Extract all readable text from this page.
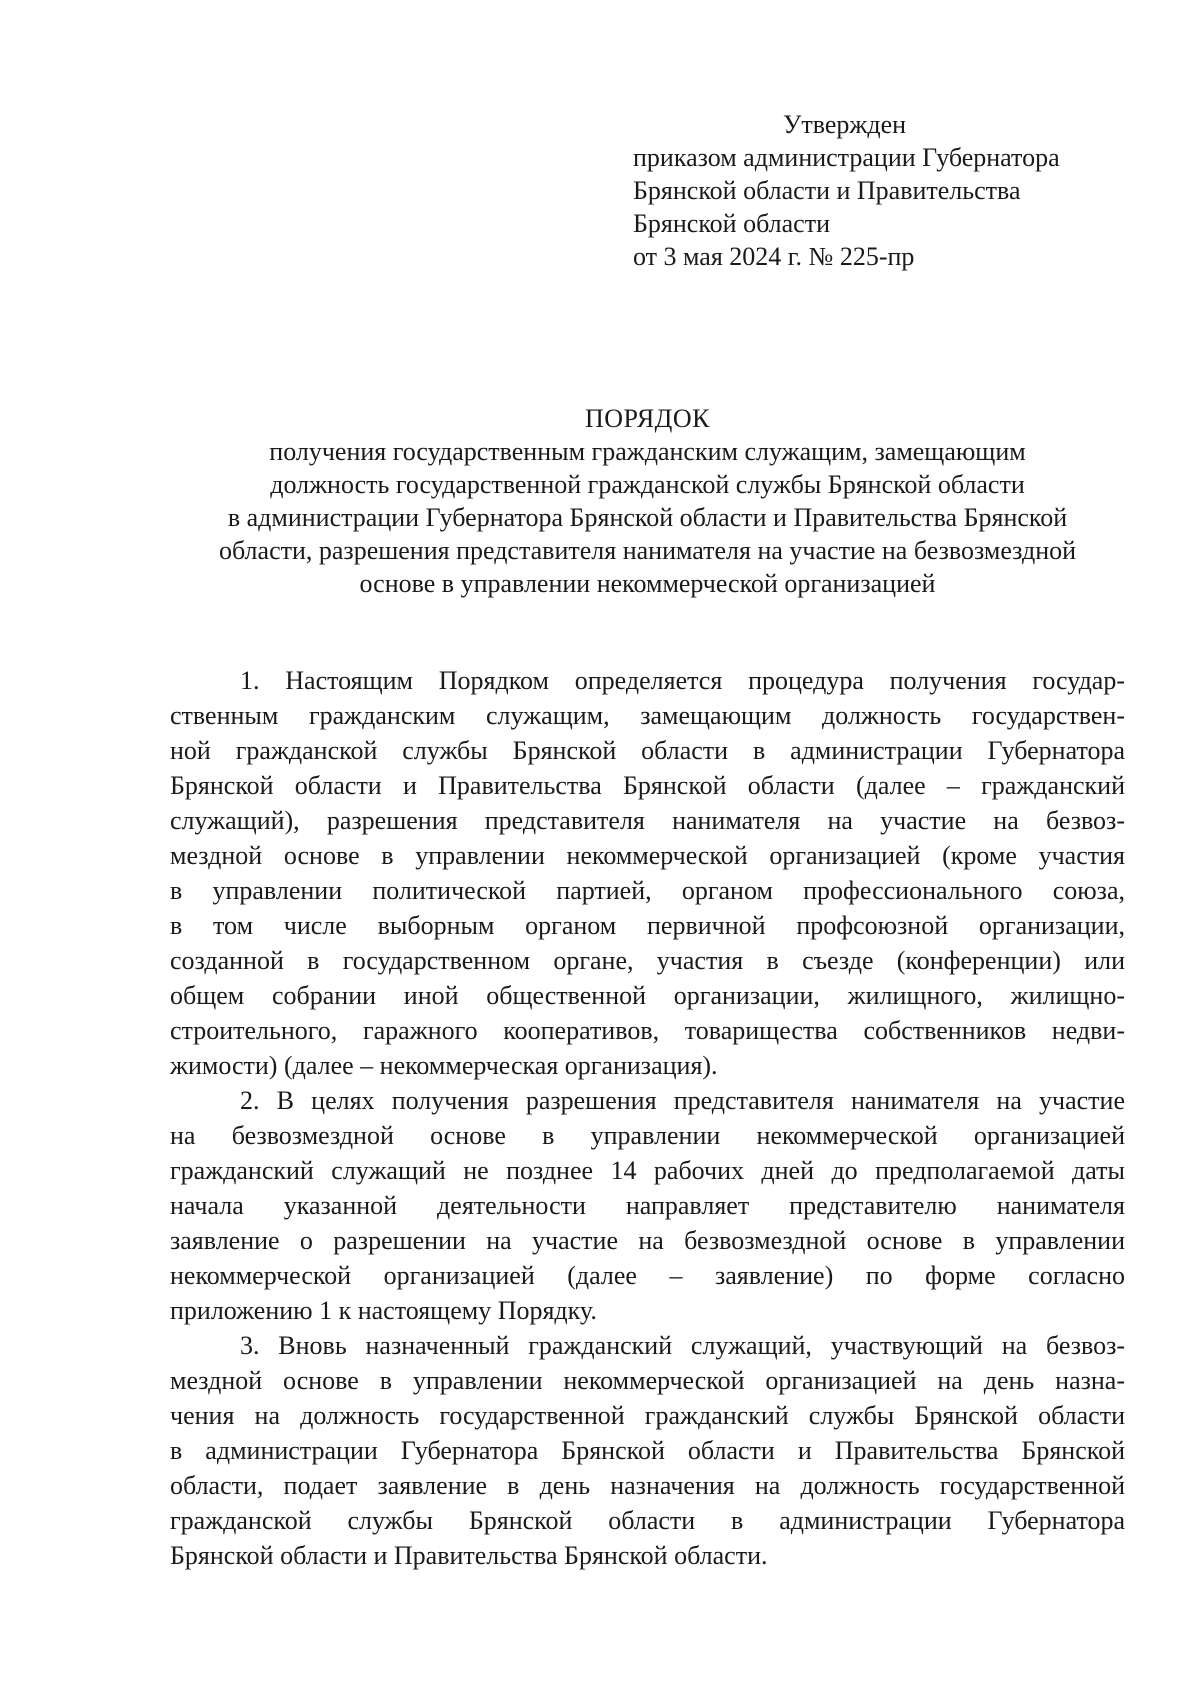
Утвержден
приказом администрации Губернатора
Брянской области и Правительства
Брянской области
от 3 мая 2024 г. № 225-пр
ПОРЯДОК
получения государственным гражданским служащим, замещающим
должность государственной гражданской службы Брянской области
в администрации Губернатора Брянской области и Правительства Брянской
области, разрешения представителя нанимателя на участие на безвозмездной
основе в управлении некоммерческой организацией
1. Настоящим Порядком определяется процедура получения государ-
ственным гражданским служащим, замещающим должность государствен-
ной гражданской службы Брянской области в администрации Губернатора
Брянской области и Правительства Брянской области (далее – гражданский
служащий), разрешения представителя нанимателя на участие на безвоз-
мездной основе в управлении некоммерческой организацией (кроме участия
в управлении политической партией, органом профессионального союза,
в том числе выборным органом первичной профсоюзной организации,
созданной в государственном органе, участия в съезде (конференции) или
общем собрании иной общественной организации, жилищного, жилищно-
строительного, гаражного кооперативов, товарищества собственников недви-
жимости) (далее – некоммерческая организация).
2. В целях получения разрешения представителя нанимателя на участие
на безвозмездной основе в управлении некоммерческой организацией
гражданский служащий не позднее 14 рабочих дней до предполагаемой даты
начала указанной деятельности направляет представителю нанимателя
заявление о разрешении на участие на безвозмездной основе в управлении
некоммерческой организацией (далее – заявление) по форме согласно
приложению 1 к настоящему Порядку.
3. Вновь назначенный гражданский служащий, участвующий на безвоз-
мездной основе в управлении некоммерческой организацией на день назна-
чения на должность государственной гражданский службы Брянской области
в администрации Губернатора Брянской области и Правительства Брянской
области, подает заявление в день назначения на должность государственной
гражданской службы Брянской области в администрации Губернатора
Брянской области и Правительства Брянской области.
